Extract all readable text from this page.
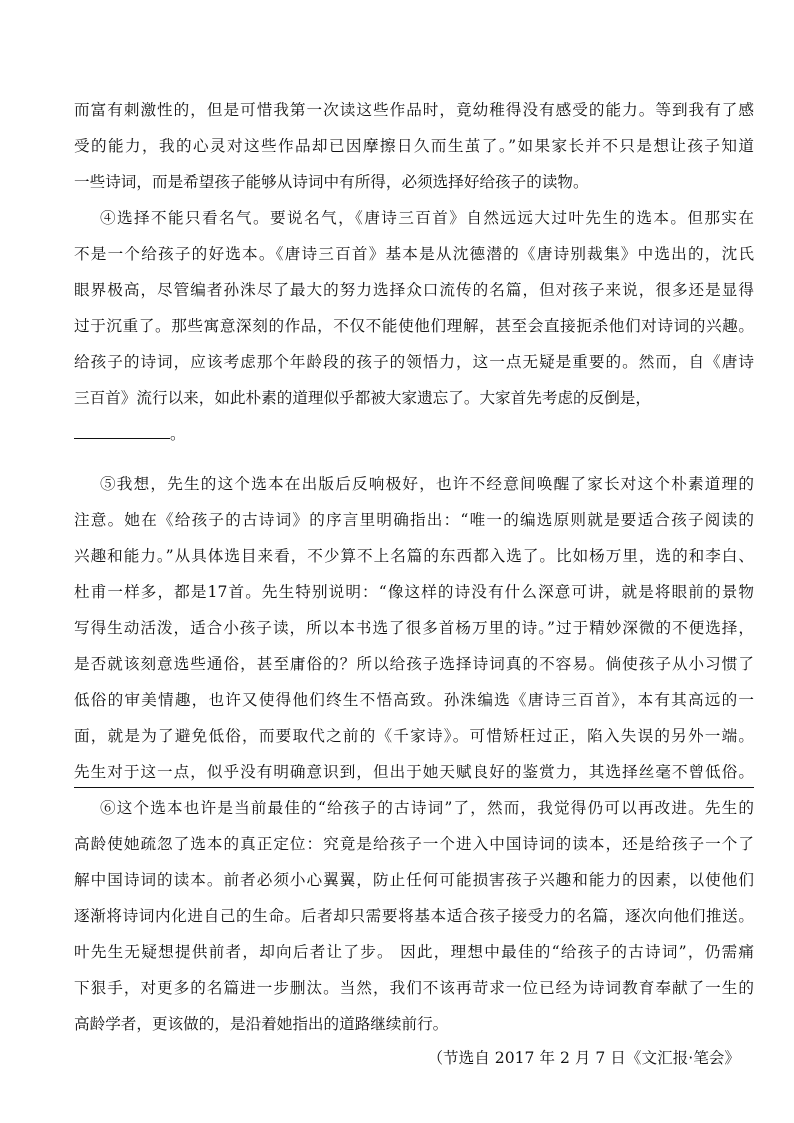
而富有刺激性的，但是可惜我第一次读这些作品时，竟幼稚得没有感受的能力。等到我有了感
受的能力，我的心灵对这些作品却已因摩擦日久而生茧了。”如果家长并不只是想让孩子知道
一些诗词，而是希望孩子能够从诗词中有所得，必须选择好给孩子的读物。
④选择不能只看名气。要说名气，《唐诗三百首》自然远远大过叶先生的选本。但那实在
不是一个给孩子的好选本。《唐诗三百首》基本是从沈德潜的《唐诗别裁集》中选出的，沈氏
眼界极高，尽管编者孙洙尽了最大的努力选择众口流传的名篇，但对孩子来说，很多还是显得
过于沉重了。那些寓意深刻的作品，不仅不能使他们理解，甚至会直接扼杀他们对诗词的兴趣。
给孩子的诗词，应该考虑那个年龄段的孩子的领悟力，这一点无疑是重要的。然而，自《唐诗
三百首》流行以来，如此朴素的道理似乎都被大家遗忘了。大家首先考虑的反倒是，
。
⑤我想，先生的这个选本在出版后反响极好，也许不经意间唤醒了家长对这个朴素道理的
注意。她在《给孩子的古诗词》的序言里明确指出：“唯一的编选原则就是要适合孩子阅读的
兴趣和能力。”从具体选目来看，不少算不上名篇的东西都入选了。比如杨万里，选的和李白、
杜甫一样多，都是17首。先生特别说明：“像这样的诗没有什么深意可讲，就是将眼前的景物
写得生动活泼，适合小孩子读，所以本书选了很多首杨万里的诗。”过于精妙深微的不便选择，
是否就该刻意选些通俗，甚至庸俗的？所以给孩子选择诗词真的不容易。倘使孩子从小习惯了
低俗的审美情趣，也许又使得他们终生不悟高致。孙洙编选《唐诗三百首》，本有其高远的一
面，就是为了避免低俗，而要取代之前的《千家诗》。可惜矫枉过正，陷入失误的另外一端。
先生对于这一点，似乎没有明确意识到，但出于她天赋良好的鉴赏力，其选择丝毫不曾低俗。
⑥这个选本也许是当前最佳的“给孩子的古诗词”了，然而，我觉得仍可以再改进。先生的
高龄使她疏忽了选本的真正定位：究竟是给孩子一个进入中国诗词的读本，还是给孩子一个了
解中国诗词的读本。前者必须小心翼翼，防止任何可能损害孩子兴趣和能力的因素，以使他们
逐渐将诗词内化进自己的生命。后者却只需要将基本适合孩子接受力的名篇，逐次向他们推送。
叶先生无疑想提供前者，却向后者让了步。 因此，理想中最佳的“给孩子的古诗词”，仍需痛
下狠手，对更多的名篇进一步删汰。当然，我们不该再苛求一位已经为诗词教育奉献了一生的
高龄学者，更该做的，是沿着她指出的道路继续前行。
（节选自 2017 年 2 月 7 日《文汇报·笔会》
